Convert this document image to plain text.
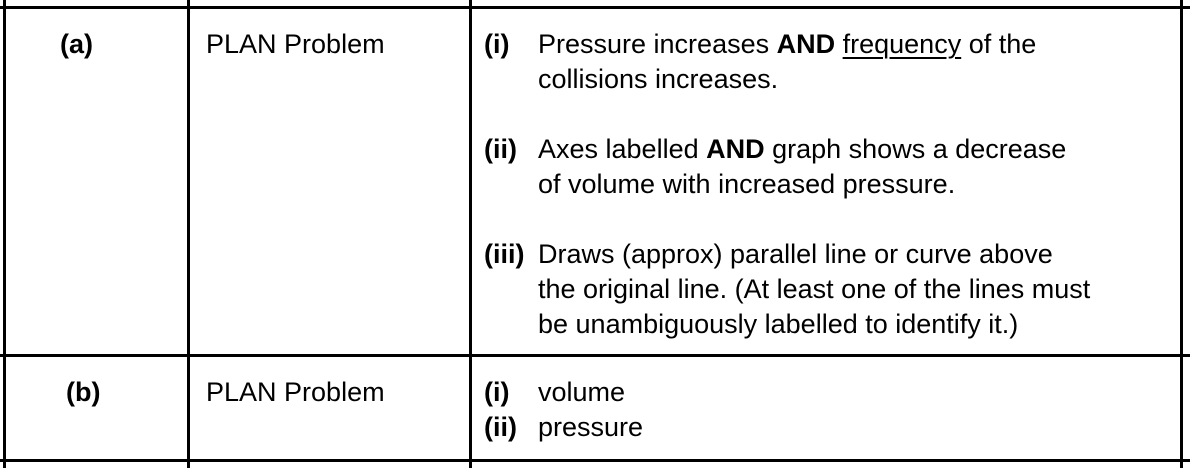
(a)	PLAN Problem	(i) Pressure increases AND frequency of the
collisions increases.
(ii) Axes labelled AND graph shows a decrease
of volume with increased pressure.
(iii) Draws (approx) parallel line or curve above
the original line. (At least one of the lines must
be unambiguously labelled to identify it.)
(b)	PLAN Problem	(i) volume
(ii) pressure
